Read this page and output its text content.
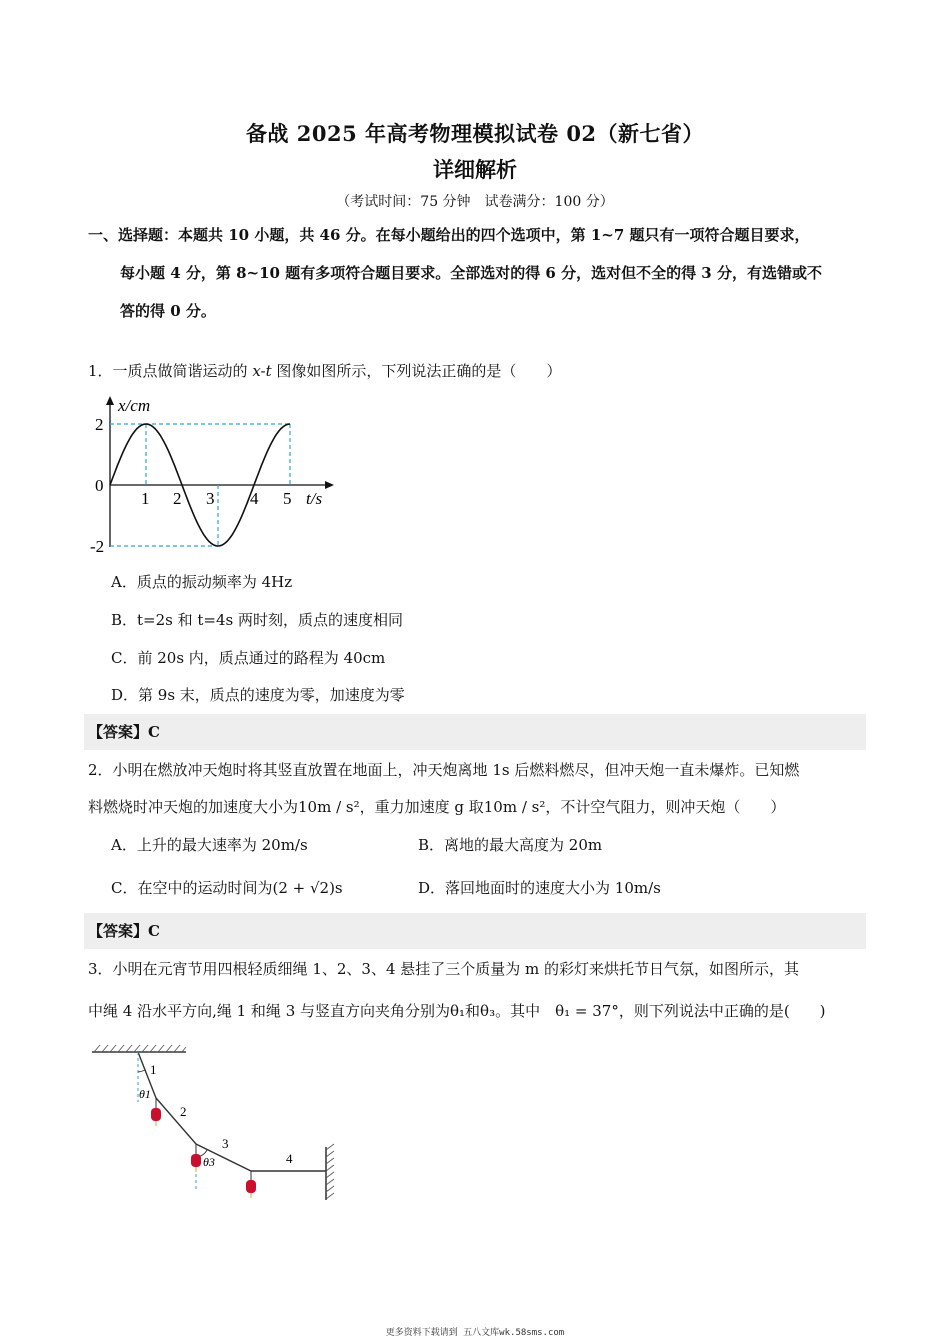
备战 2025 年高考物理模拟试卷 02（新七省）
详细解析
（考试时间：75 分钟　试卷满分：100 分）
一、选择题：本题共 10 小题，共 46 分。在每小题给出的四个选项中，第 1~7 题只有一项符合题目要求，
每小题 4 分，第 8~10 题有多项符合题目要求。全部选对的得 6 分，选对但不全的得 3 分，有选错或不
答的得 0 分。
1．一质点做简谐运动的 x-t 图像如图所示，下列说法正确的是（　　）
x/cm
2
0
-2
1 2 3 4 5 t/s
A．质点的振动频率为 4Hz
B．t=2s 和 t=4s 两时刻，质点的速度相同
C．前 20s 内，质点通过的路程为 40cm
D．第 9s 末，质点的速度为零，加速度为零
【答案】C
2．小明在燃放冲天炮时将其竖直放置在地面上，冲天炮离地 1s 后燃料燃尽，但冲天炮一直未爆炸。已知燃
料燃烧时冲天炮的加速度大小为10m / s²，重力加速度 g 取10m / s²，不计空气阻力，则冲天炮（　　）
A．上升的最大速率为 20m/s	B．离地的最大高度为 20m
C．在空中的运动时间为(2 + √2)s	D．落回地面时的速度大小为 10m/s
【答案】C
3．小明在元宵节用四根轻质细绳 1、2、3、4 悬挂了三个质量为 m 的彩灯来烘托节日气氛，如图所示，其
中绳 4 沿水平方向,绳 1 和绳 3 与竖直方向夹角分别为θ₁和θ₃。其中　θ₁ = 37°，则下列说法中正确的是(　　)
1
2
3
4
θ1
θ3
更多资料下载请到 五八文库wk.58sms.com
